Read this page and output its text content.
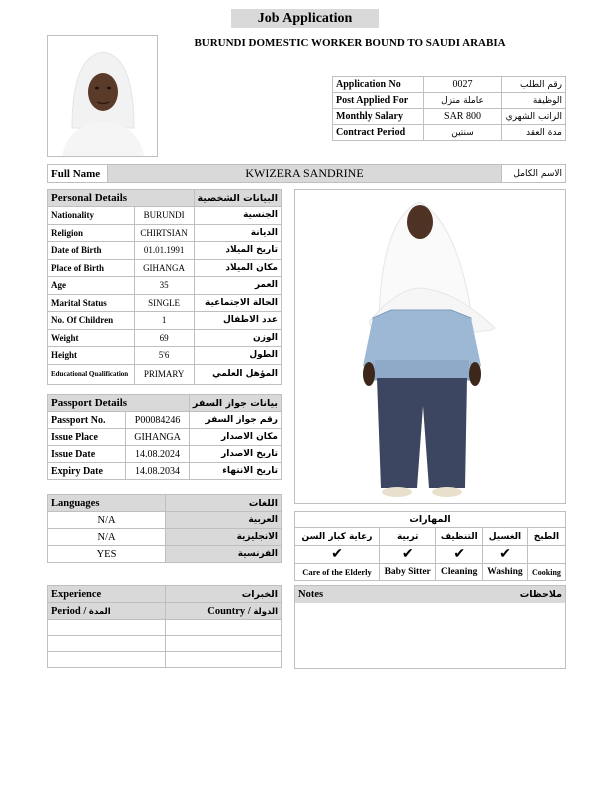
Job Application
BURUNDI DOMESTIC WORKER BOUND TO SAUDI ARABIA
Application No	0027	رقم الطلب
Post Applied For	عاملة منزل	الوظيفة
Monthly Salary	SAR 800	الراتب الشهري
Contract Period	سنتين	مدة العقد
Full Name	KWIZERA SANDRINE	الاسم الكامل
Personal Details		البيانات الشخصية
Nationality	BURUNDI	الجنسية
Religion	CHIRTSIAN	الديانة
Date of Birth	01.01.1991	تاريخ الميلاد
Place of Birth	GIHANGA	مكان الميلاد
Age	35	العمر
Marital Status	SINGLE	الحالة الاجتماعية
No. Of Children	1	عدد الاطفال
Weight	69	الوزن
Height	5'6	الطول
Educational Qualification	PRIMARY	المؤهل العلمي
Passport Details		بيانات جواز السفر
Passport No.	P00084246	رقم جواز السفر
Issue Place	GIHANGA	مكان الاصدار
Issue Date	14.08.2024	تاريخ الاصدار
Expiry Date	14.08.2034	تاريخ الانتهاء
Languages	اللغات
N/A	العربية
N/A	الانجليزية
YES	الفرنسية
المهارات				
رعاية كبار السن	تربية	التنظيف	الغسيل	الطبخ
✔	✔	✔	✔	
Care of the Elderly	Baby Sitter	Cleaning	Washing	Cooking
Experience	الخبرات
Period / المدة	Country / الدولة

Notes	ملاحظات
